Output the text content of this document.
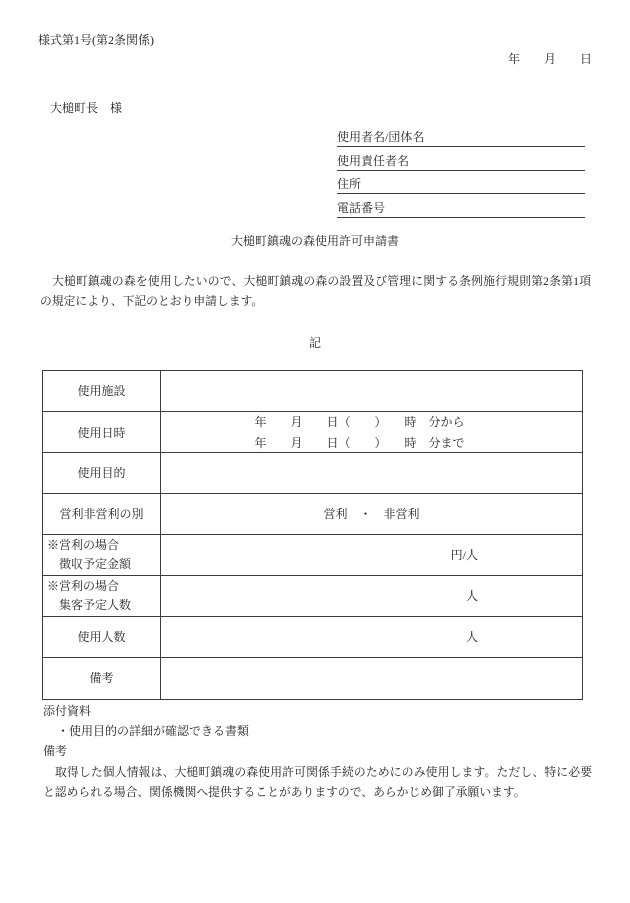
様式第1号(第2条関係)
年　　月　　日
大槌町長　様
使用者名/団体名
使用責任者名
住所
電話番号
大槌町鎮魂の森使用許可申請書
　大槌町鎮魂の森を使用したいので、大槌町鎮魂の森の設置及び管理に関する条例施行規則第2条第1項
の規定により、下記のとおり申請します。
記
使用施設
使用日時
年　　月　　日（　　）　　時　分から
年　　月　　日（　　）　　時　分まで
使用目的
営利非営利の別	営利　・　非営利
※営利の場合
　徴収予定金額
円/人
※営利の場合
　集客予定人数
人
使用人数	人
備考
添付資料
・使用目的の詳細が確認できる書類
備考
　取得した個人情報は、大槌町鎮魂の森使用許可関係手続のためにのみ使用します。ただし、特に必要
と認められる場合、関係機関へ提供することがありますので、あらかじめ御了承願います。
